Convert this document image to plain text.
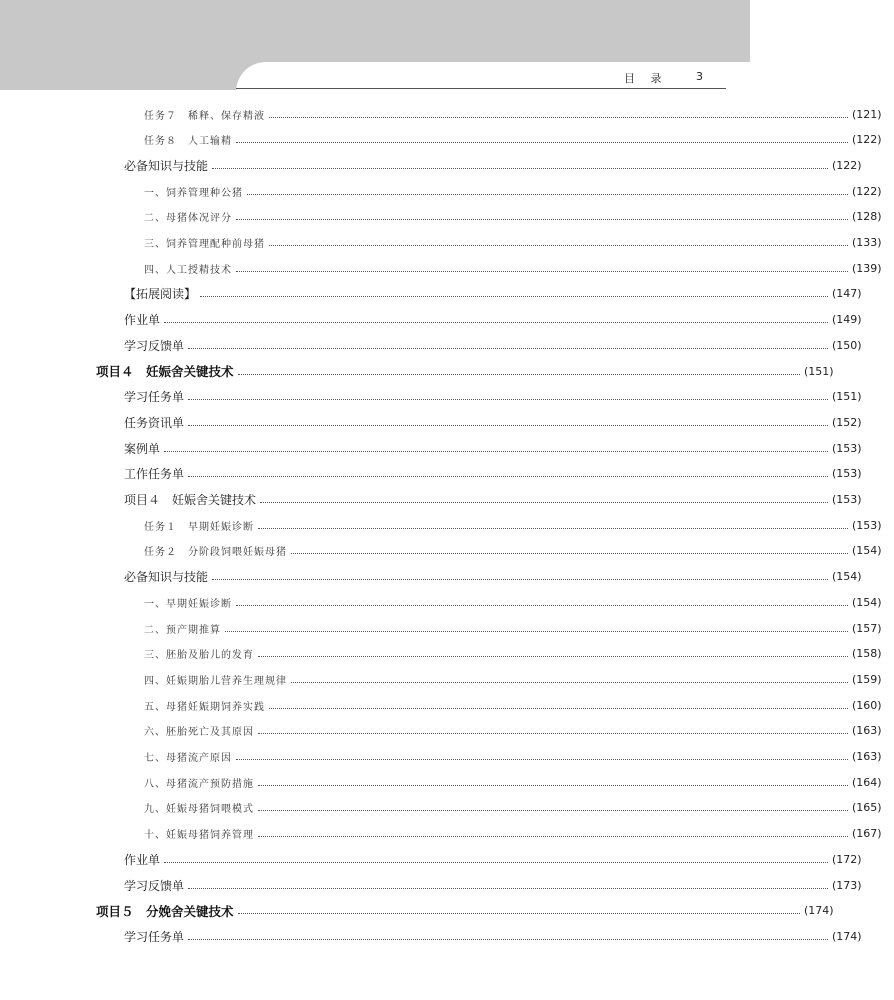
目 录	3
任务７　稀释、保存精液	(121)
任务８　人工输精	(122)
必备知识与技能	(122)
一、饲养管理种公猪	(122)
二、母猪体况评分	(128)
三、饲养管理配种前母猪	(133)
四、人工授精技术	(139)
【拓展阅读】	(147)
作业单	(149)
学习反馈单	(150)
项目４　妊娠舍关键技术	(151)
学习任务单	(151)
任务资讯单	(152)
案例单	(153)
工作任务单	(153)
项目４　妊娠舍关键技术	(153)
任务１　早期妊娠诊断	(153)
任务２　分阶段饲喂妊娠母猪	(154)
必备知识与技能	(154)
一、早期妊娠诊断	(154)
二、预产期推算	(157)
三、胚胎及胎儿的发育	(158)
四、妊娠期胎儿营养生理规律	(159)
五、母猪妊娠期饲养实践	(160)
六、胚胎死亡及其原因	(163)
七、母猪流产原因	(163)
八、母猪流产预防措施	(164)
九、妊娠母猪饲喂模式	(165)
十、妊娠母猪饲养管理	(167)
作业单	(172)
学习反馈单	(173)
项目５　分娩舍关键技术	(174)
学习任务单	(174)
